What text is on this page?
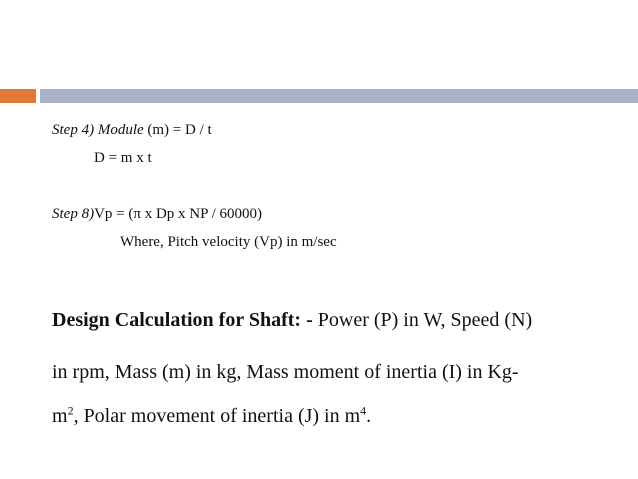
Step 4) Module (m) = D / t
D = m x t
Step 8)Vp = (π x Dp x NP / 60000)
Where, Pitch velocity (Vp) in m/sec
Design Calculation for Shaft: - Power (P) in W, Speed (N)
in rpm, Mass (m) in kg, Mass moment of inertia (I) in Kg-
$m^2$, Polar movement of inertia (J) in $m^4$.
